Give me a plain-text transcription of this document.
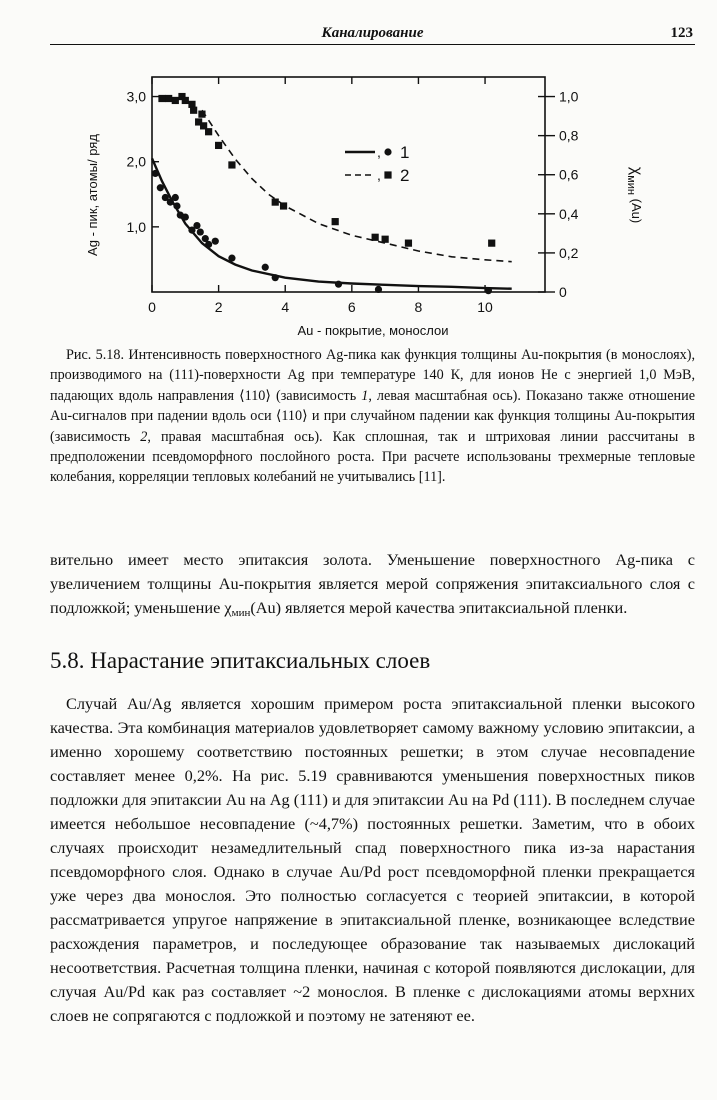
Каналирование	123
0	2	4	6	8	10
1,0
2,0
3,0
0
0,2
0,4
0,6
0,8
1,0
, 1
, 2
Au - покрытие, монослои
Ag - пик, атомы/ ряд	$\chi_{мин}$ (Au)
Рис. 5.18. Интенсивность поверхностного Ag-пика как функция толщины Au-покрытия (в монослоях), производимого на (111)-поверхности Ag при температуре 140 К, для ионов Не с энергией 1,0 МэВ, падающих вдоль направления ⟨110⟩ (зависимость 1, левая масштабная ось). Показано также отношение Au-сигналов при падении вдоль оси ⟨110⟩ и при случайном падении как функция толщины Au-покрытия (зависимость 2, правая масштабная ось). Как сплошная, так и штриховая линии рассчитаны в предположении псевдоморфного послойного роста. При расчете использованы трехмерные тепловые колебания, корреляции тепловых колебаний не учитывались [11].

вительно имеет место эпитаксия золота. Уменьшение поверхностного Ag-пика с увеличением толщины Au-покрытия является мерой сопряжения эпитаксиального слоя с подложкой; уменьшение $\chi_{мин}(Au)$ является мерой качества эпитаксиальной пленки.

5.8. Нарастание эпитаксиальных слоев

Случай Au/Ag является хорошим примером роста эпитаксиальной пленки высокого качества. Эта комбинация материалов удовлетворяет самому важному условию эпитаксии, а именно хорошему соответствию постоянных решетки; в этом случае несовпадение составляет менее 0,2%. На рис. 5.19 сравниваются уменьшения поверхностных пиков подложки для эпитаксии Au на Ag (111) и для эпитаксии Au на Pd (111). В последнем случае имеется небольшое несовпадение (~4,7%) постоянных решетки. Заметим, что в обоих случаях происходит незамедлительный спад поверхностного пика из-за нарастания псевдоморфного слоя. Однако в случае Au/Pd рост псевдоморфной пленки прекращается уже через два монослоя. Это полностью согласуется с теорией эпитаксии, в которой рассматривается упругое напряжение в эпитаксиальной пленке, возникающее вследствие расхождения параметров, и последующее образование так называемых дислокаций несоответствия. Расчетная толщина пленки, начиная с которой появляются дислокации, для случая Au/Pd как раз составляет ~2 монослоя. В пленке с дислокациями атомы верхних слоев не сопрягаются с подложкой и поэтому не затеняют ее.
